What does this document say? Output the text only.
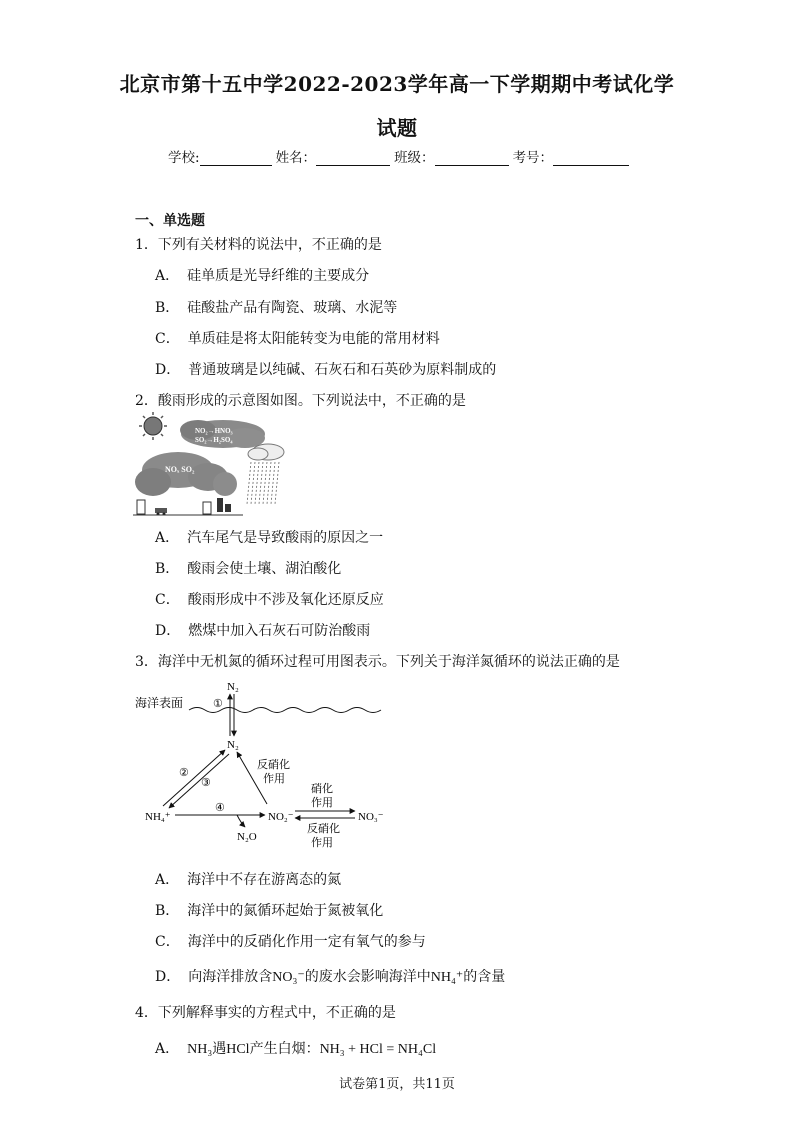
北京市第十五中学2022-2023学年高一下学期期中考试化学
试题
学校:	姓名：	班级：	考号：
一、单选题
1．下列有关材料的说法中，不正确的是
A． 硅单质是光导纤维的主要成分
B． 硅酸盐产品有陶瓷、玻璃、水泥等
C． 单质硅是将太阳能转变为电能的常用材料
D． 普通玻璃是以纯碱、石灰石和石英砂为原料制成的
2．酸雨形成的示意图如图。下列说法中，不正确的是
NO₂→HNO₃
SO₂→H₂SO₄
NOₓ SO₂
A． 汽车尾气是导致酸雨的原因之一
B． 酸雨会使土壤、湖泊酸化
C． 酸雨形成中不涉及氧化还原反应
D． 燃煤中加入石灰石可防治酸雨
3．海洋中无机氮的循环过程可用图表示。下列关于海洋氮循环的说法正确的是
海洋表面
N₂
N₂
①
②
③
反硝化
作用
NH₄⁺
④
N₂O
NO₂⁻
硝化
作用
NO₃⁻
反硝化
作用
A． 海洋中不存在游离态的氮
B． 海洋中的氮循环起始于氮被氧化
C． 海洋中的反硝化作用一定有氧气的参与
D． 向海洋排放含NO₃⁻的废水会影响海洋中NH₄⁺的含量
4．下列解释事实的方程式中，不正确的是
A． NH₃遇HCl产生白烟：NH₃ + HCl = NH₄Cl
试卷第1页，共11页
